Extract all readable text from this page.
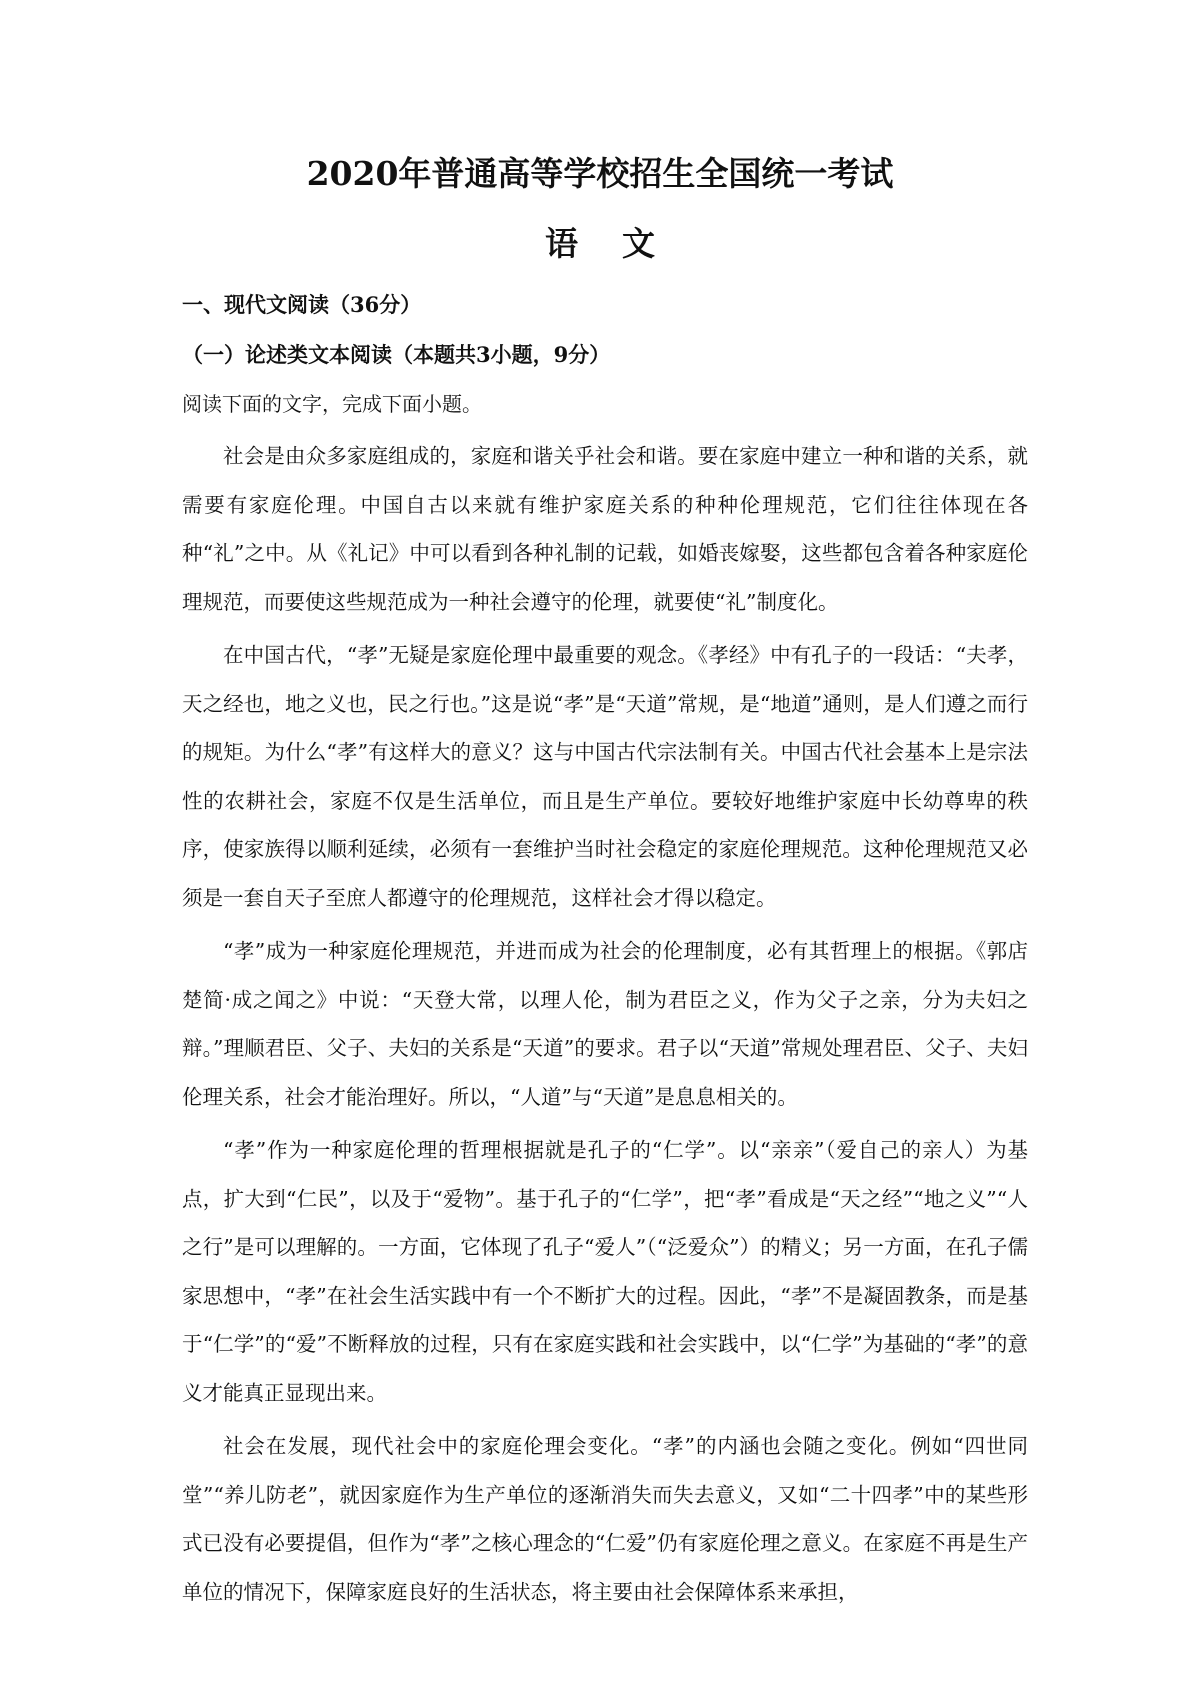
2020年普通高等学校招生全国统一考试
语文

一、现代文阅读（36分）

（一）论述类文本阅读（本题共3小题，9分）

阅读下面的文字，完成下面小题。

社会是由众多家庭组成的，家庭和谐关乎社会和谐。要在家庭中建立一种和谐的关系，就需要有家庭伦理。中国自古以来就有维护家庭关系的种种伦理规范，它们往往体现在各种“礼”之中。从《礼记》中可以看到各种礼制的记载，如婚丧嫁娶，这些都包含着各种家庭伦理规范，而要使这些规范成为一种社会遵守的伦理，就要使“礼”制度化。

在中国古代，“孝”无疑是家庭伦理中最重要的观念。《孝经》中有孔子的一段话：“夫孝，天之经也，地之义也，民之行也。”这是说“孝”是“天道”常规，是“地道”通则，是人们遵之而行的规矩。为什么“孝”有这样大的意义？这与中国古代宗法制有关。中国古代社会基本上是宗法性的农耕社会，家庭不仅是生活单位，而且是生产单位。要较好地维护家庭中长幼尊卑的秩序，使家族得以顺利延续，必须有一套维护当时社会稳定的家庭伦理规范。这种伦理规范又必须是一套自天子至庶人都遵守的伦理规范，这样社会才得以稳定。

“孝”成为一种家庭伦理规范，并进而成为社会的伦理制度，必有其哲理上的根据。《郭店楚简·成之闻之》中说：“天登大常，以理人伦，制为君臣之义，作为父子之亲，分为夫妇之辩。”理顺君臣、父子、夫妇的关系是“天道”的要求。君子以“天道”常规处理君臣、父子、夫妇伦理关系，社会才能治理好。所以，“人道”与“天道”是息息相关的。

“孝”作为一种家庭伦理的哲理根据就是孔子的“仁学”。以“亲亲”（爱自己的亲人）为基点，扩大到“仁民”，以及于“爱物”。基于孔子的“仁学”，把“孝”看成是“天之经”“地之义”“人之行”是可以理解的。一方面，它体现了孔子“爱人”（“泛爱众”）的精义；另一方面，在孔子儒家思想中，“孝”在社会生活实践中有一个不断扩大的过程。因此，“孝”不是凝固教条，而是基于“仁学”的“爱”不断释放的过程，只有在家庭实践和社会实践中，以“仁学”为基础的“孝”的意义才能真正显现出来。

社会在发展，现代社会中的家庭伦理会变化。“孝”的内涵也会随之变化。例如“四世同堂”“养儿防老”，就因家庭作为生产单位的逐渐消失而失去意义，又如“二十四孝”中的某些形式已没有必要提倡，但作为“孝”之核心理念的“仁爱”仍有家庭伦理之意义。在家庭不再是生产单位的情况下，保障家庭良好的生活状态，将主要由社会保障体系来承担，
